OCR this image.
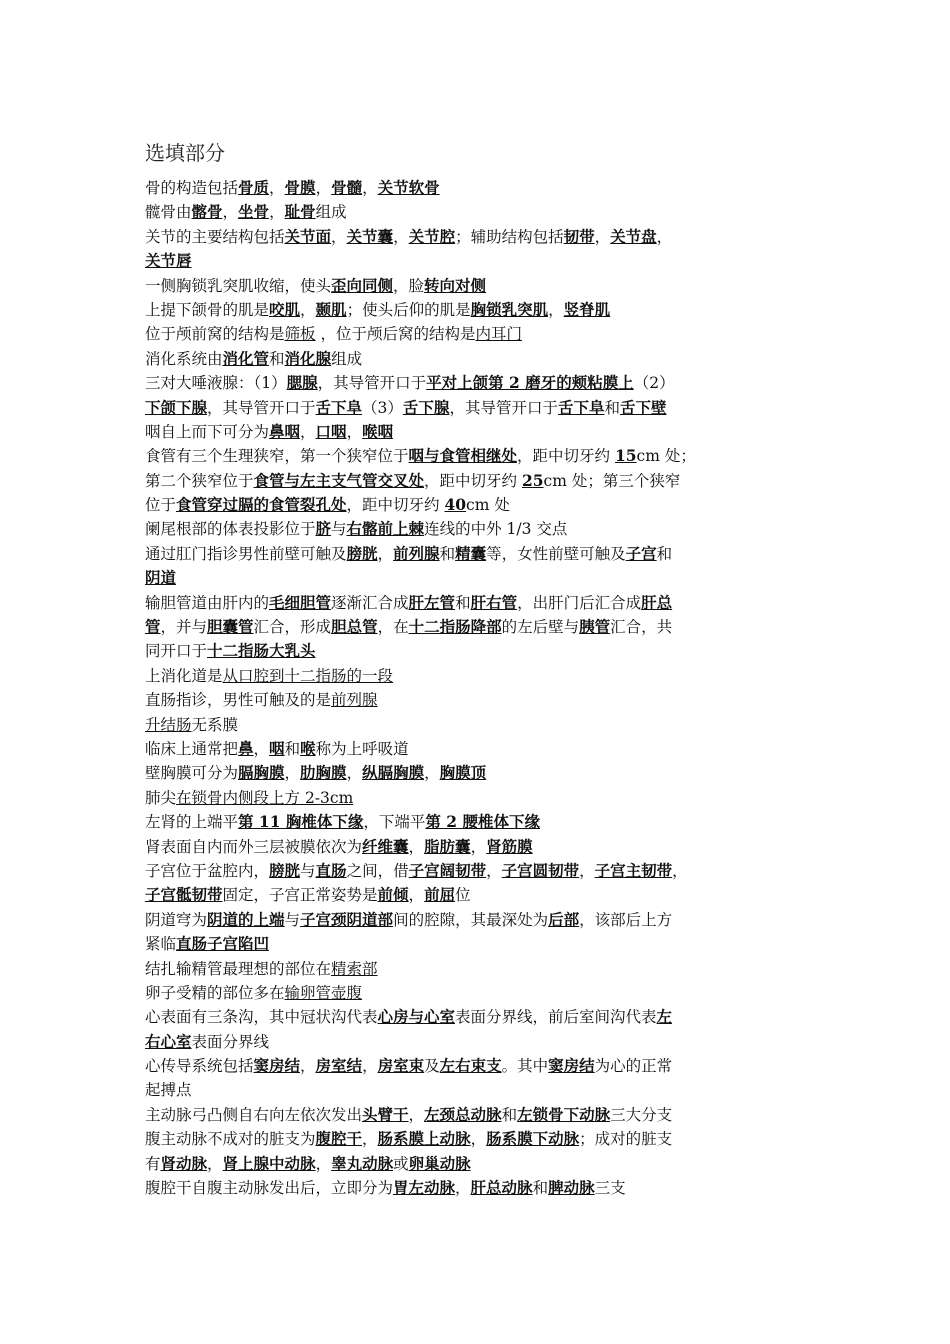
选填部分
骨的构造包括骨质，骨膜，骨髓，关节软骨
髋骨由髂骨，坐骨，耻骨组成
关节的主要结构包括关节面，关节囊，关节腔；辅助结构包括韧带，关节盘，
关节唇
一侧胸锁乳突肌收缩，使头歪向同侧，脸转向对侧
上提下颌骨的肌是咬肌，颞肌；使头后仰的肌是胸锁乳突肌，竖脊肌
位于颅前窝的结构是筛板 ，位于颅后窝的结构是内耳门
消化系统由消化管和消化腺组成
三对大唾液腺：（1）腮腺，其导管开口于平对上颌第 2 磨牙的颊粘膜上（2）
下颌下腺，其导管开口于舌下阜（3）舌下腺，其导管开口于舌下阜和舌下壁
咽自上而下可分为鼻咽，口咽，喉咽
食管有三个生理狭窄，第一个狭窄位于咽与食管相继处，距中切牙约 15cm 处；
第二个狭窄位于食管与左主支气管交叉处，距中切牙约 25cm 处；第三个狭窄
位于食管穿过膈的食管裂孔处，距中切牙约 40cm 处
阑尾根部的体表投影位于脐与右髂前上棘连线的中外 1/3 交点
通过肛门指诊男性前壁可触及膀胱，前列腺和精囊等，女性前壁可触及子宫和
阴道
输胆管道由肝内的毛细胆管逐渐汇合成肝左管和肝右管，出肝门后汇合成肝总
管，并与胆囊管汇合，形成胆总管，在十二指肠降部的左后壁与胰管汇合，共
同开口于十二指肠大乳头
上消化道是从口腔到十二指肠的一段
直肠指诊，男性可触及的是前列腺
升结肠无系膜
临床上通常把鼻，咽和喉称为上呼吸道
壁胸膜可分为膈胸膜，肋胸膜，纵膈胸膜，胸膜顶
肺尖在锁骨内侧段上方 2-3cm
左肾的上端平第 11 胸椎体下缘，下端平第 2 腰椎体下缘
肾表面自内而外三层被膜依次为纤维囊，脂肪囊，肾筋膜
子宫位于盆腔内，膀胱与直肠之间，借子宫阔韧带，子宫圆韧带，子宫主韧带，
子宫骶韧带固定，子宫正常姿势是前倾，前屈位
阴道穹为阴道的上端与子宫颈阴道部间的腔隙，其最深处为后部，该部后上方
紧临直肠子宫陷凹
结扎输精管最理想的部位在精索部
卵子受精的部位多在输卵管壶腹
心表面有三条沟，其中冠状沟代表心房与心室表面分界线，前后室间沟代表左
右心室表面分界线
心传导系统包括窦房结，房室结，房室束及左右束支。其中窦房结为心的正常
起搏点
主动脉弓凸侧自右向左依次发出头臂干，左颈总动脉和左锁骨下动脉三大分支
腹主动脉不成对的脏支为腹腔干，肠系膜上动脉，肠系膜下动脉；成对的脏支
有肾动脉，肾上腺中动脉，睾丸动脉或卵巢动脉
腹腔干自腹主动脉发出后，立即分为胃左动脉，肝总动脉和脾动脉三支
